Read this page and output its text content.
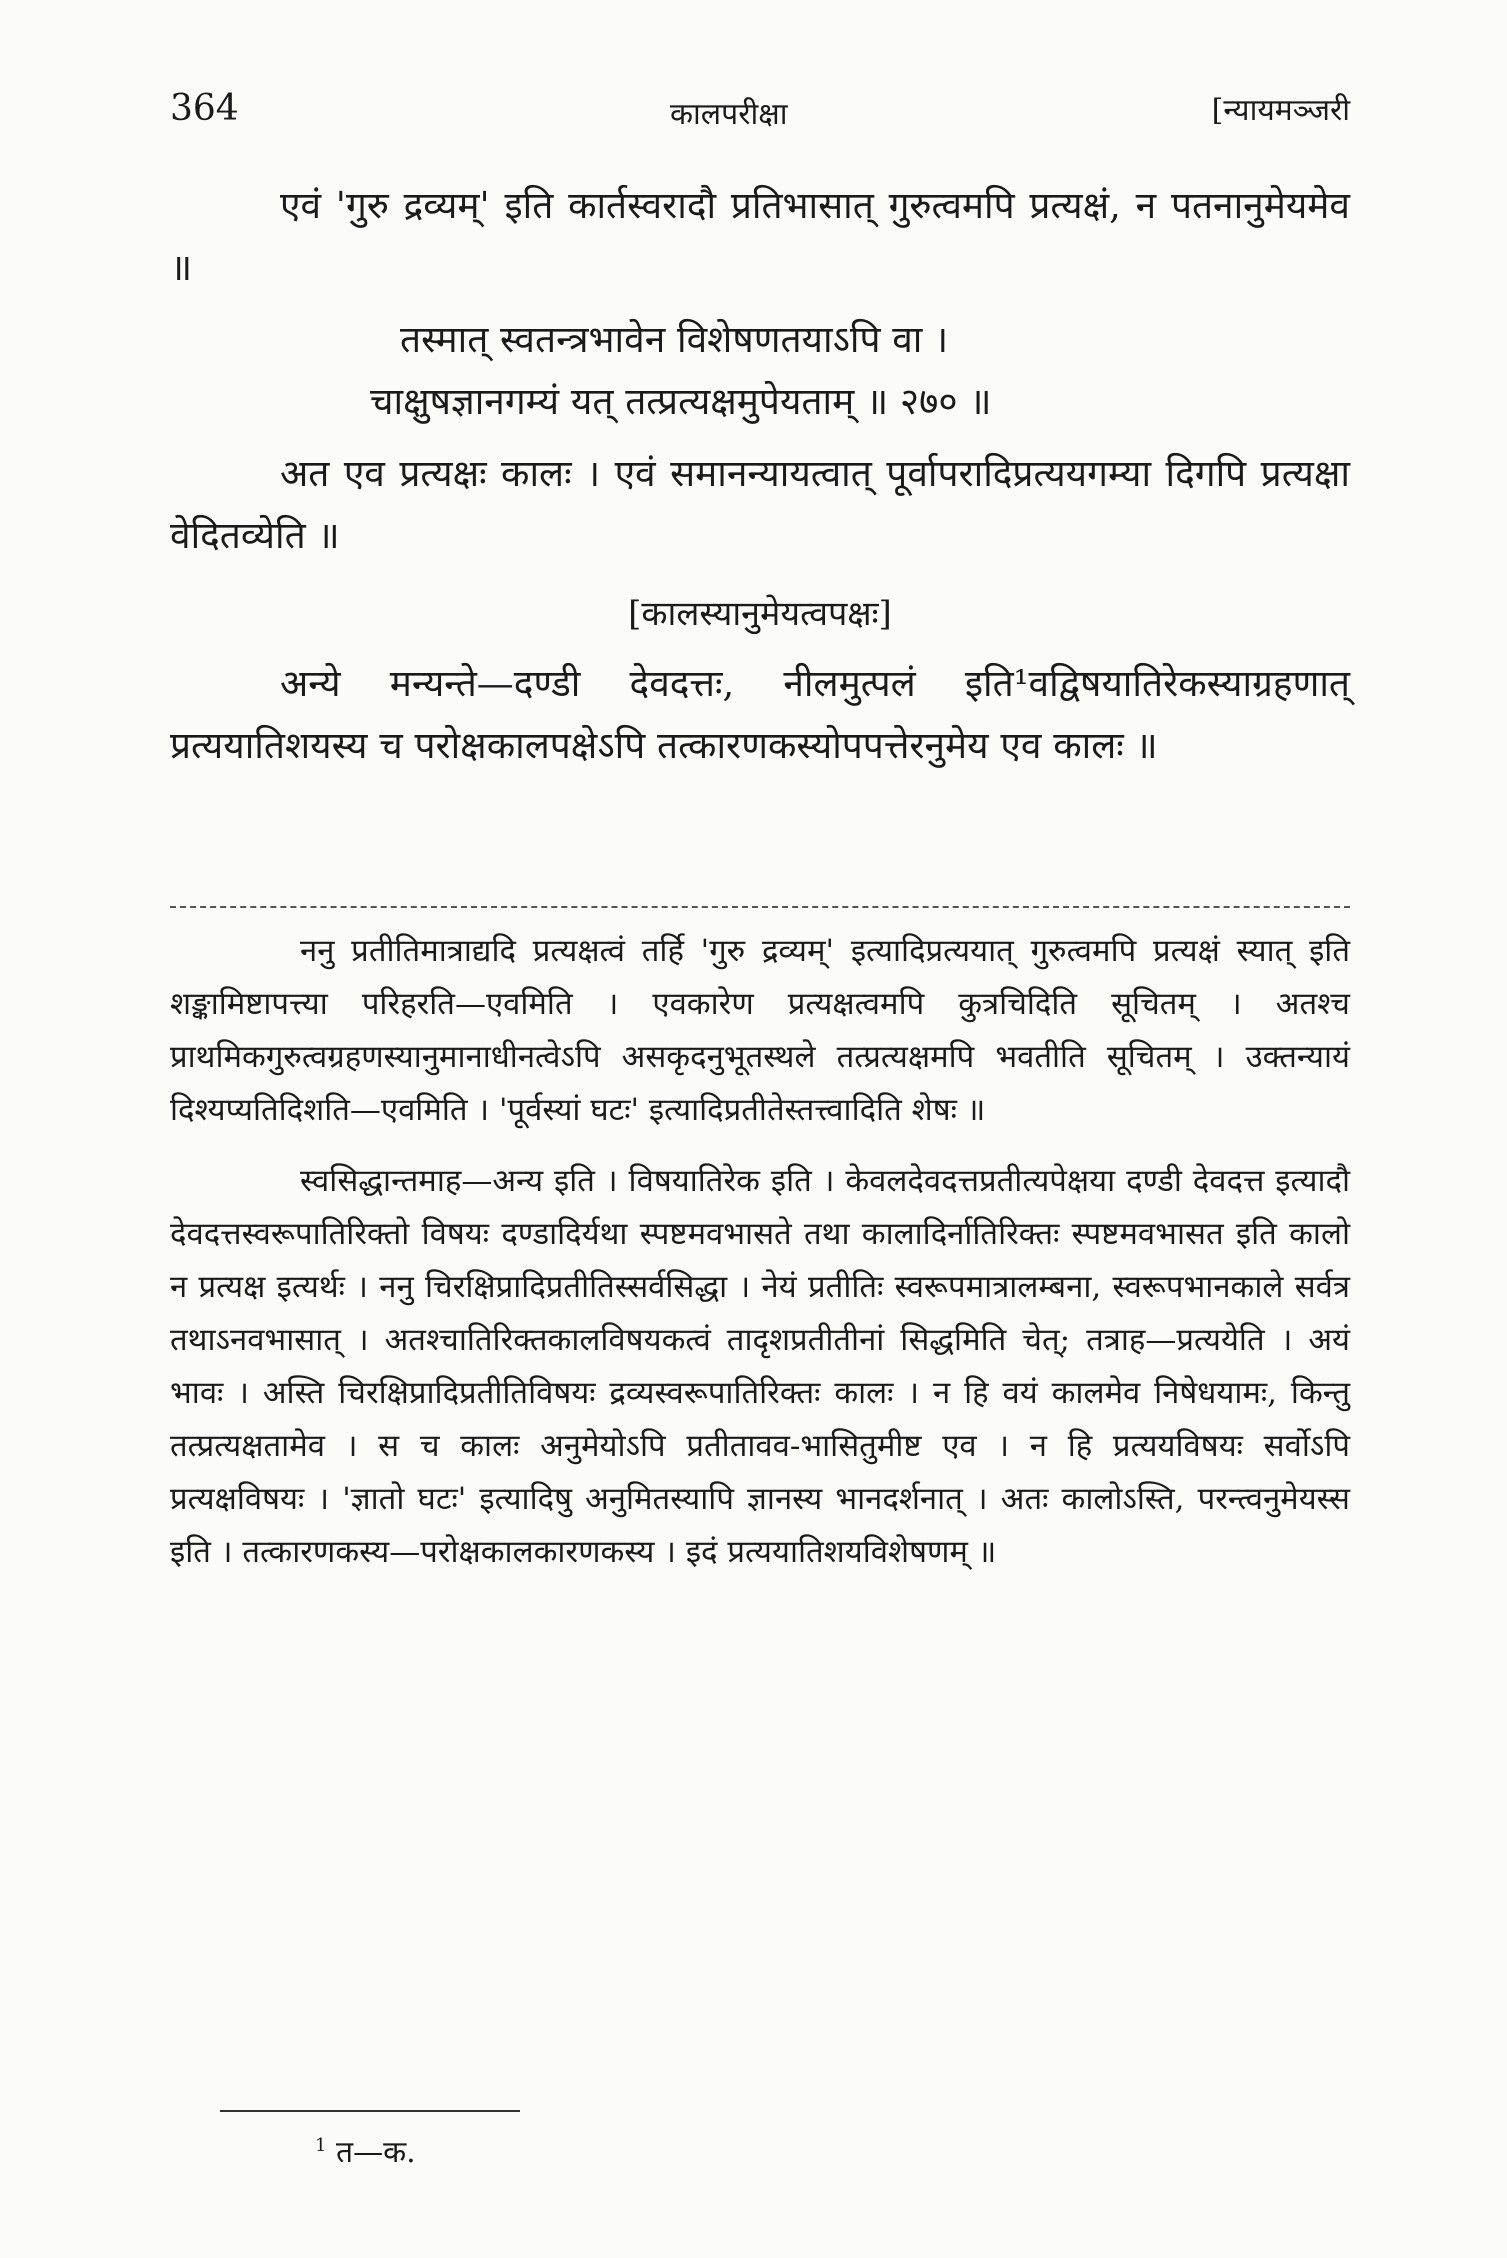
364	कालपरीक्षा	[न्यायमञ्जरी

एवं 'गुरु द्रव्यम्' इति कार्तस्वरादौ प्रतिभासात् गुरुत्वमपि प्रत्यक्षं, न पतनानुमेयमेव ॥

तस्मात् स्वतन्त्रभावेन विशेषणतयाऽपि वा ।
चाक्षुषज्ञानगम्यं यत् तत्प्रत्यक्षमुपेयताम् ॥ २७० ॥

अत एव प्रत्यक्षः कालः । एवं समानन्यायत्वात् पूर्वापरादिप्रत्ययगम्या दिगपि प्रत्यक्षा वेदितव्येति ॥

[कालस्यानुमेयत्वपक्षः]

अन्ये मन्यन्ते—दण्डी देवदत्तः, नीलमुत्पलं इति¹वद्विषयातिरेकस्याग्रहणात् प्रत्ययातिशयस्य च परोक्षकालपक्षेऽपि तत्कारणकस्योपपत्तेरनुमेय एव कालः ॥

ननु प्रतीतिमात्राद्यदि प्रत्यक्षत्वं तर्हि 'गुरु द्रव्यम्' इत्यादिप्रत्ययात् गुरुत्वमपि प्रत्यक्षं स्यात् इति शङ्कामिष्टापत्त्या परिहरति—एवमिति । एवकारेण प्रत्यक्षत्वमपि कुत्रचिदिति सूचितम् । अतश्च प्राथमिकगुरुत्वग्रहणस्यानुमानाधीनत्वेऽपि असकृदनुभूतस्थले तत्प्रत्यक्षमपि भवतीति सूचितम् । उक्तन्यायं दिश्यप्यतिदिशति—एवमिति । 'पूर्वस्यां घटः' इत्यादिप्रतीतेस्तत्त्वादिति शेषः ॥

स्वसिद्धान्तमाह—अन्य इति । विषयातिरेक इति । केवलदेवदत्तप्रतीत्यपेक्षया दण्डी देवदत्त इत्यादौ देवदत्तस्वरूपातिरिक्तो विषयः दण्डादिर्यथा स्पष्टमवभासते तथा कालादिर्नातिरिक्तः स्पष्टमवभासत इति कालो न प्रत्यक्ष इत्यर्थः । ननु चिरक्षिप्रादिप्रतीतिस्सर्वसिद्धा । नेयं प्रतीतिः स्वरूपमात्रालम्बना, स्वरूपभानकाले सर्वत्र तथाऽनवभासात् । अतश्चातिरिक्तकालविषयकत्वं तादृशप्रतीतीनां सिद्धमिति चेत्; तत्राह—प्रत्ययेति । अयं भावः । अस्ति चिरक्षिप्रादिप्रतीतिविषयः द्रव्यस्वरूपातिरिक्तः कालः । न हि वयं कालमेव निषेधयामः, किन्तु तत्प्रत्यक्षतामेव । स च कालः अनुमेयोऽपि प्रतीतावव-भासितुमीष्ट एव । न हि प्रत्ययविषयः सर्वोऽपि प्रत्यक्षविषयः । 'ज्ञातो घटः' इत्यादिषु अनुमितस्यापि ज्ञानस्य भानदर्शनात् । अतः कालोऽस्ति, परन्त्वनुमेयस्स इति । तत्कारणकस्य—परोक्षकालकारणकस्य । इदं प्रत्ययातिशयविशेषणम् ॥

$^1$ त—क.
